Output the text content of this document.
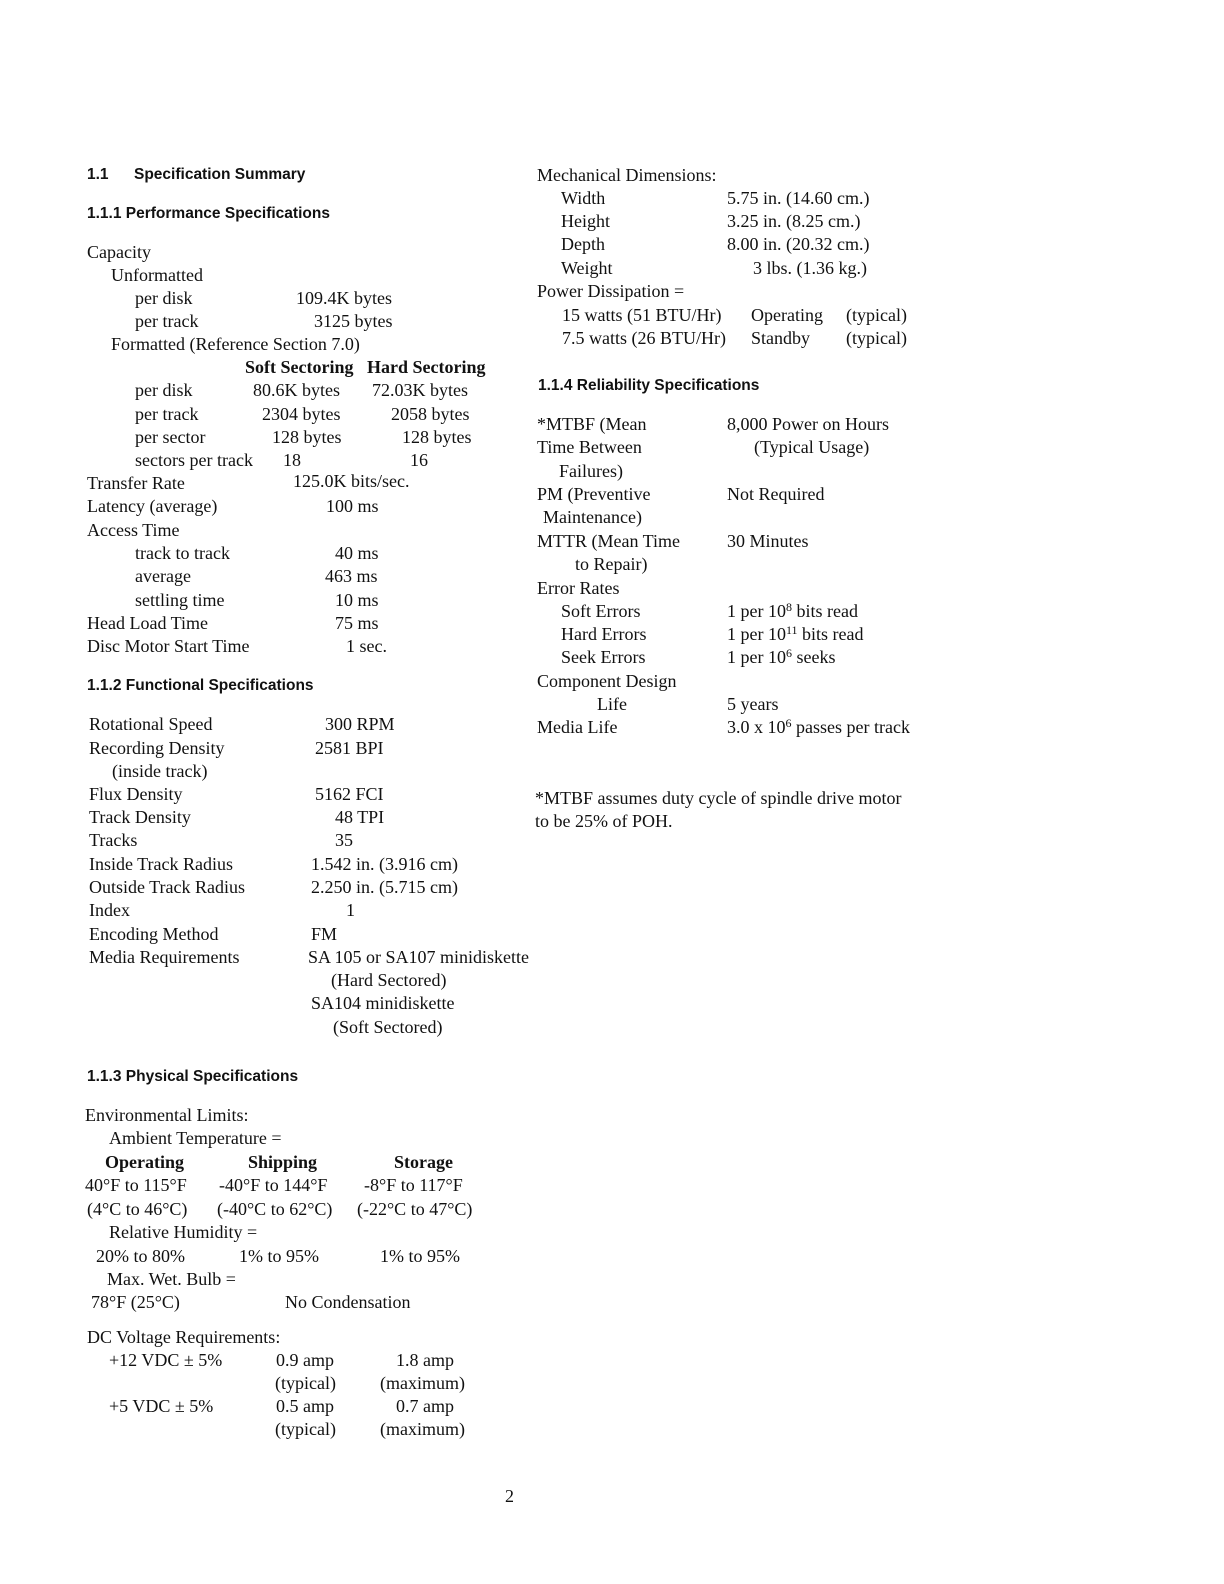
1.1 Specification Summary
1.1.1 Performance Specifications
Capacity
Unformatted
per disk	109.4K bytes
per track	3125 bytes
Formatted (Reference Section 7.0)
Soft Sectoring Hard Sectoring
per disk	80.6K bytes 72.03K bytes
per track	2304 bytes	2058 bytes
per sector	128 bytes	128 bytes
sectors per track 18	16
Transfer Rate	125.0K bits/sec.
Latency (average)	100 ms
Access Time
track to track	40 ms
average	463 ms
settling time	10 ms
Head Load Time	75 ms
Disc Motor Start Time	1 sec.
1.1.2 Functional Specifications
Rotational Speed	300 RPM
Recording Density	2581 BPI
(inside track)
Flux Density	5162 FCI
Track Density	48 TPI
Tracks	35
Inside Track Radius	1.542 in. (3.916 cm)
Outside Track Radius	2.250 in. (5.715 cm)
Index	1
Encoding Method	FM
Media Requirements	SA 105 or SA107 minidiskette
(Hard Sectored)
SA104 minidiskette
(Soft Sectored)
1.1.3 Physical Specifications
Environmental Limits:
Ambient Temperature =
Operating	Shipping	Storage
40°F to 115°F -40°F to 144°F -8°F to 117°F
(4°C to 46°C) (-40°C to 62°C) (-22°C to 47°C)
Relative Humidity =
20% to 80%	1% to 95%	1% to 95%
Max. Wet. Bulb =
78°F (25°C)	No Condensation
DC Voltage Requirements:
+12 VDC ± 5%	0.9 amp	1.8 amp
(typical) (maximum)
+5 VDC ± 5%	0.5 amp	0.7 amp
(typical) (maximum)
Mechanical Dimensions:
Width	5.75 in. (14.60 cm.)
Height	3.25 in. (8.25 cm.)
Depth	8.00 in. (20.32 cm.)
Weight	3 lbs. (1.36 kg.)
Power Dissipation =
15 watts (51 BTU/Hr) Operating (typical)
7.5 watts (26 BTU/Hr) Standby (typical)
1.1.4 Reliability Specifications
*MTBF (Mean	8,000 Power on Hours
Time Between	(Typical Usage)
Failures)
PM (Preventive	Not Required
Maintenance)
MTTR (Mean Time	30 Minutes
to Repair)
Error Rates
Soft Errors	1 per $10^8$ bits read
Hard Errors	1 per $10^{11}$ bits read
Seek Errors	1 per $10^6$ seeks
Component Design
Life	5 years
Media Life	3.0 x $10^6$ passes per track
*MTBF assumes duty cycle of spindle drive motor
to be 25% of POH.
2
